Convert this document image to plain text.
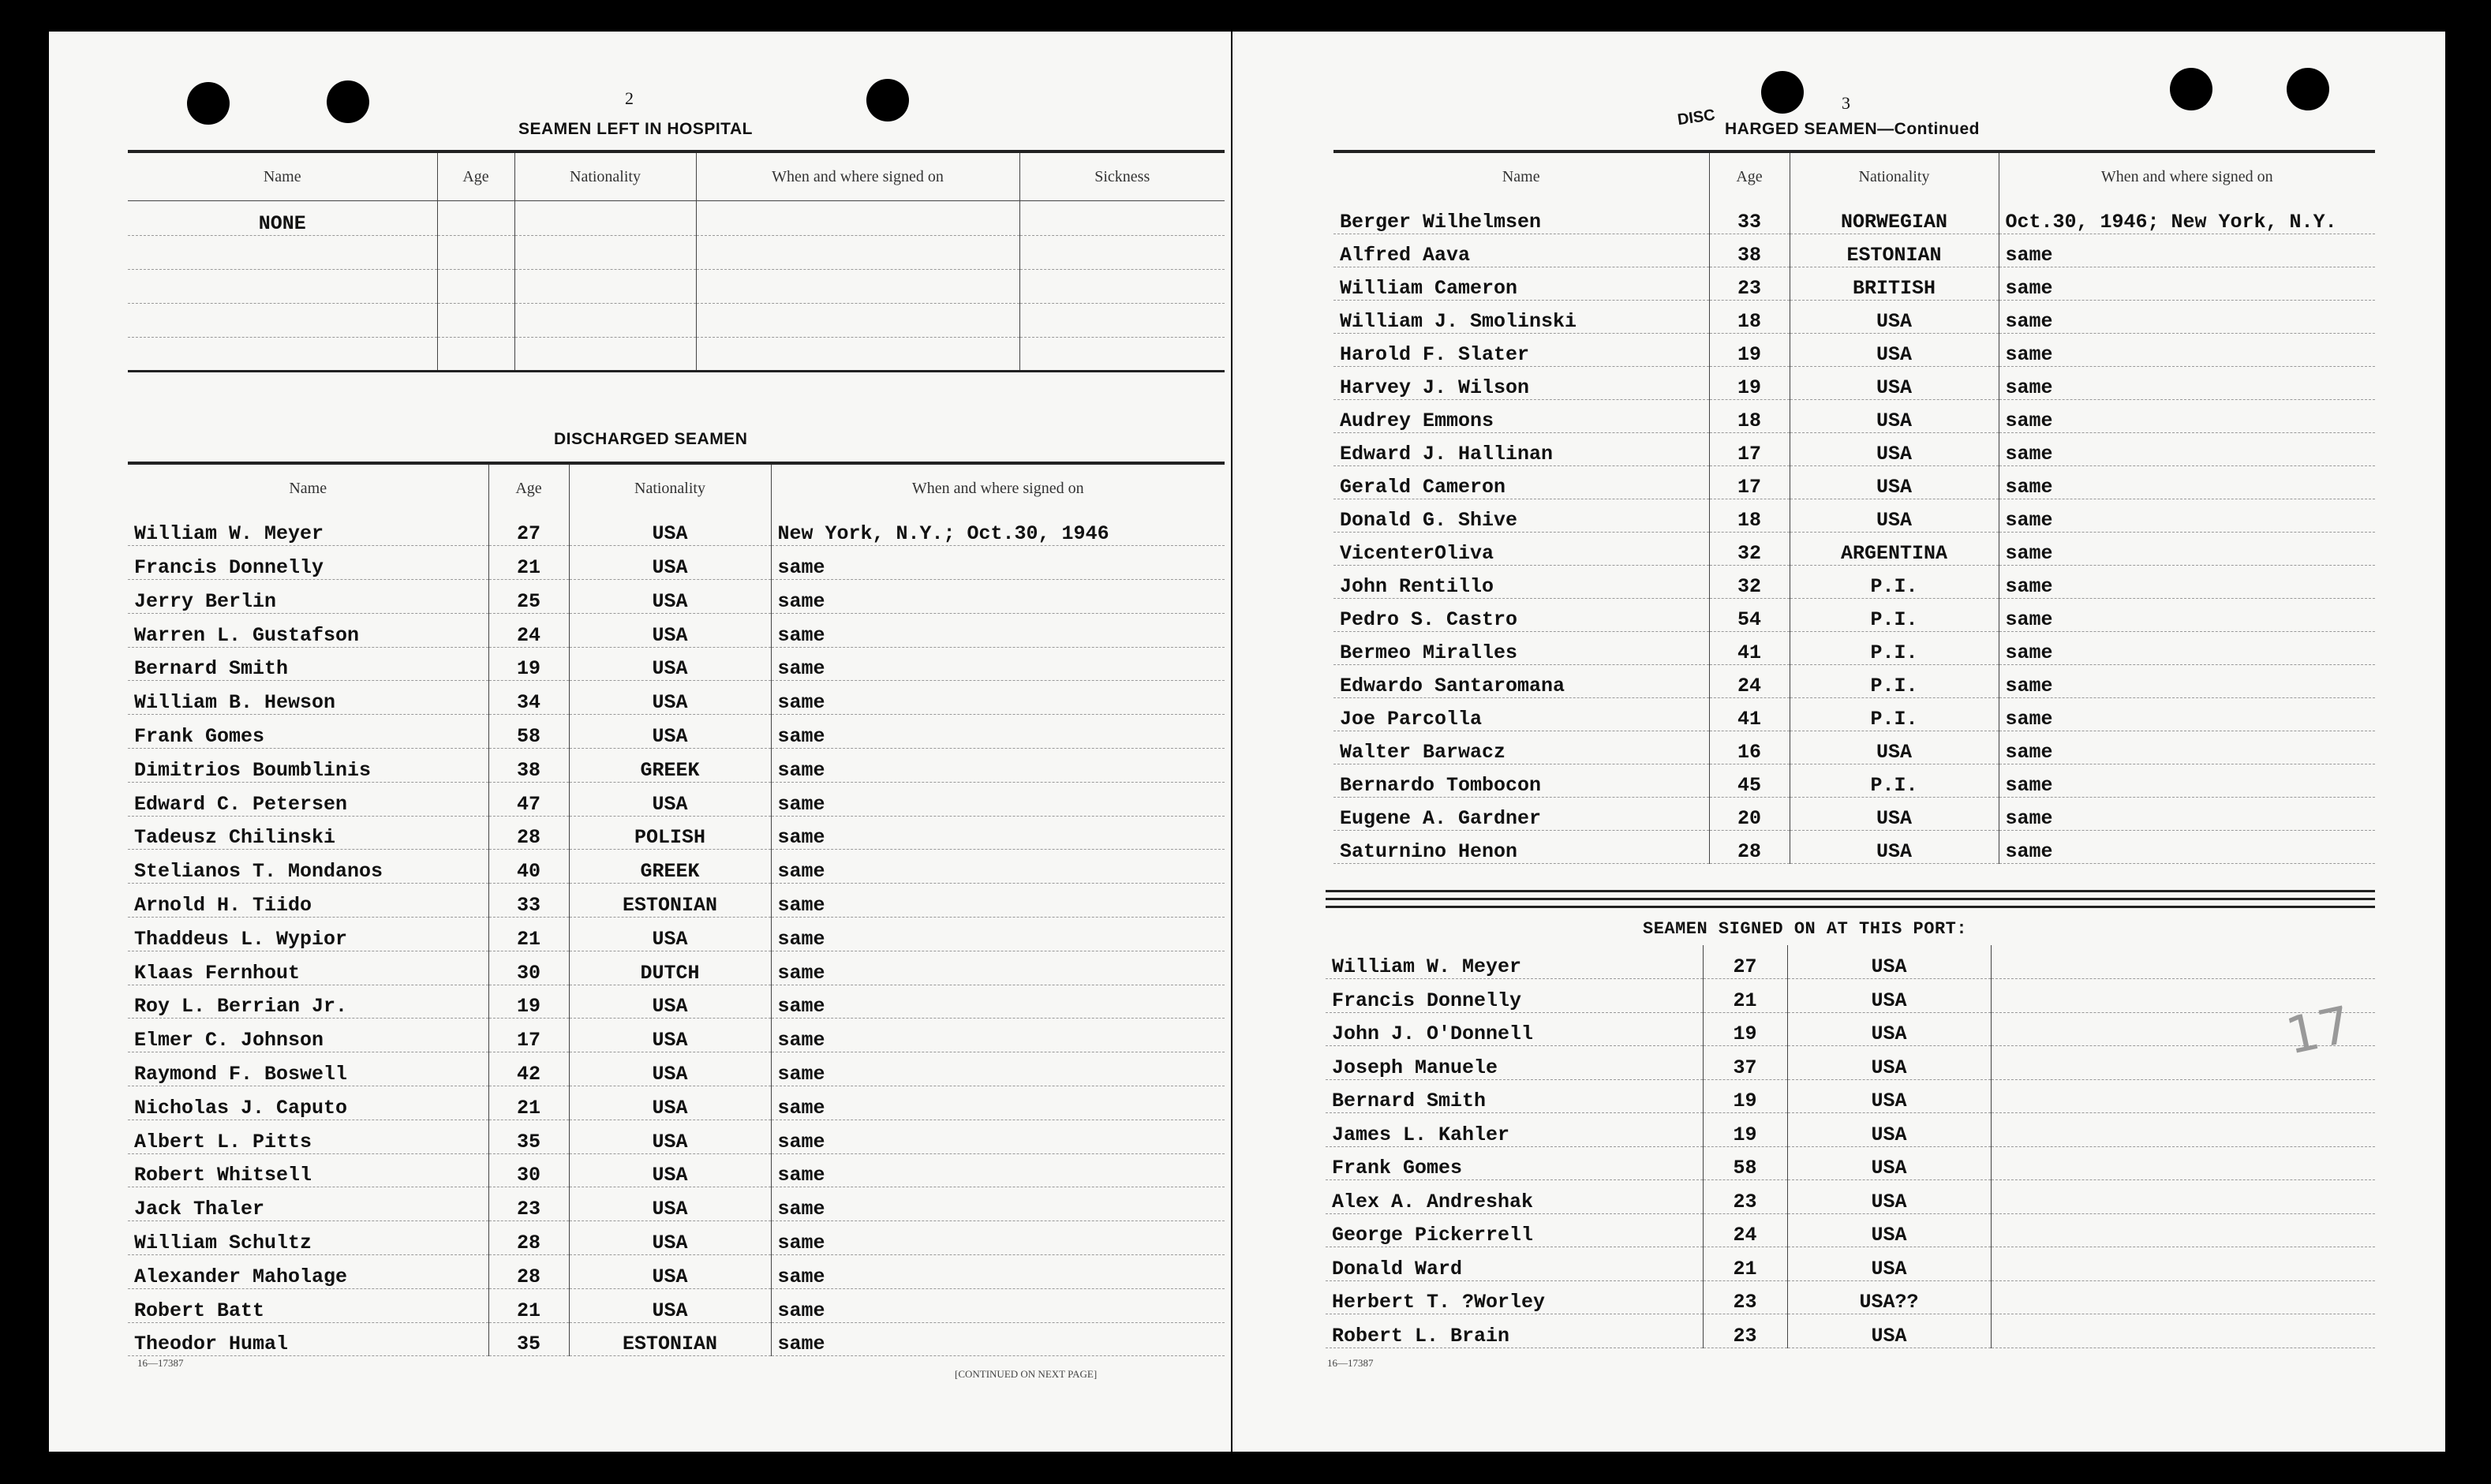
2
SEAMEN LEFT IN HOSPITAL
Name	Age	Nationality	When and where signed on	Sickness
NONE				

DISCHARGED SEAMEN
Name	Age	Nationality	When and where signed on
William W. Meyer	27	USA	New York, N.Y.; Oct.30, 1946
Francis Donnelly	21	USA	same
Jerry Berlin	25	USA	same
Warren L. Gustafson	24	USA	same
Bernard Smith	19	USA	same
William B. Hewson	34	USA	same
Frank Gomes	58	USA	same
Dimitrios Boumblinis	38	GREEK	same
Edward C. Petersen	47	USA	same
Tadeusz Chilinski	28	POLISH	same
Stelianos T. Mondanos	40	GREEK	same
Arnold H. Tiido	33	ESTONIAN	same
Thaddeus L. Wypior	21	USA	same
Klaas Fernhout	30	DUTCH	same
Roy L. Berrian Jr.	19	USA	same
Elmer C. Johnson	17	USA	same
Raymond F. Boswell	42	USA	same
Nicholas J. Caputo	21	USA	same
Albert L. Pitts	35	USA	same
Robert Whitsell	30	USA	same
Jack Thaler	23	USA	same
William Schultz	28	USA	same
Alexander Maholage	28	USA	same
Robert Batt	21	USA	same
Theodor Humal	35	ESTONIAN	same
16—17387
[CONTINUED ON NEXT PAGE]
3
DISC
HARGED SEAMEN—Continued
Name	Age	Nationality	When and where signed on
Berger Wilhelmsen	33	NORWEGIAN	Oct.30, 1946; New York, N.Y.
Alfred Aava	38	ESTONIAN	same
William Cameron	23	BRITISH	same
William J. Smolinski	18	USA	same
Harold F. Slater	19	USA	same
Harvey J. Wilson	19	USA	same
Audrey Emmons	18	USA	same
Edward J. Hallinan	17	USA	same
Gerald Cameron	17	USA	same
Donald G. Shive	18	USA	same
VicenterOliva	32	ARGENTINA	same
John Rentillo	32	P.I.	same
Pedro S. Castro	54	P.I.	same
Bermeo Miralles	41	P.I.	same
Edwardo Santaromana	24	P.I.	same
Joe Parcolla	41	P.I.	same
Walter Barwacz	16	USA	same
Bernardo Tombocon	45	P.I.	same
Eugene A. Gardner	20	USA	same
Saturnino Henon	28	USA	same
SEAMEN SIGNED ON AT THIS PORT:
William W. Meyer	27	USA	
Francis Donnelly	21	USA	
John J. O'Donnell	19	USA	
Joseph Manuele	37	USA	
Bernard Smith	19	USA	
James L. Kahler	19	USA	
Frank Gomes	58	USA	
Alex A. Andreshak	23	USA	
George Pickerrell	24	USA	
Donald Ward	21	USA	
Herbert T. ?Worley	23	USA??	
Robert L. Brain	23	USA	
17
16—17387
